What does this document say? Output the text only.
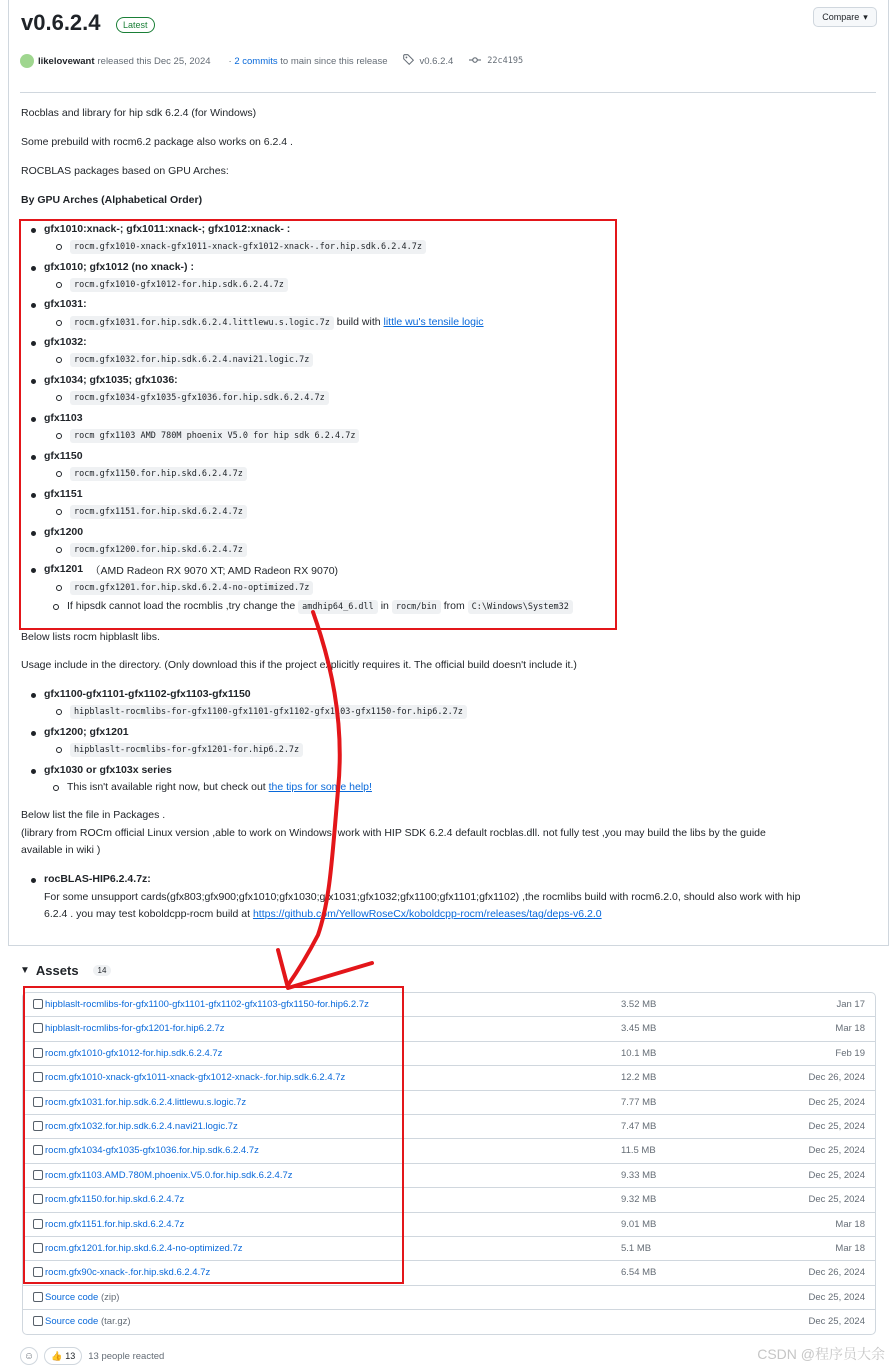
v0.6.2.4	Latest
Compare ▾
likelovewant released this Dec 25, 2024 · 2 commits
to main since this release	v0.6.2.4	22c4195
Rocblas and library for hip sdk 6.2.4 (for Windows)
Some prebuild with rocm6.2 package also works on 6.2.4 .
ROCBLAS packages based on GPU Arches:
By GPU Arches (Alphabetical Order)
gfx1010:xnack-; gfx1011:xnack-; gfx1012:xnack- :
rocm.gfx1010-xnack-gfx1011-xnack-gfx1012-xnack-.for.hip.sdk.6.2.4.7z
gfx1010; gfx1012 (no xnack-) :
rocm.gfx1010-gfx1012-for.hip.sdk.6.2.4.7z
gfx1031:
rocm.gfx1031.for.hip.sdk.6.2.4.littlewu.s.logic.7z build with little wu's tensile logic
gfx1032:
rocm.gfx1032.for.hip.sdk.6.2.4.navi21.logic.7z
gfx1034; gfx1035; gfx1036:
rocm.gfx1034-gfx1035-gfx1036.for.hip.sdk.6.2.4.7z
gfx1103
rocm gfx1103 AMD 780M phoenix V5.0 for hip sdk 6.2.4.7z
gfx1150
rocm.gfx1150.for.hip.skd.6.2.4.7z
gfx1151
rocm.gfx1151.for.hip.skd.6.2.4.7z
gfx1200
rocm.gfx1200.for.hip.skd.6.2.4.7z
gfx1201 （AMD Radeon RX 9070 XT; AMD Radeon RX 9070)
rocm.gfx1201.for.hip.skd.6.2.4-no-optimized.7z
If hipsdk cannot load the rocmblis ,try change the amdhip64_6.dll in rocm/bin from C:\Windows\System32
Below lists rocm hipblaslt libs.
Usage include in the directory. (Only download this if the project explicitly requires it. The official build doesn't include it.)
gfx1100-gfx1101-gfx1102-gfx1103-gfx1150
hipblaslt-rocmlibs-for-gfx1100-gfx1101-gfx1102-gfx1103-gfx1150-for.hip6.2.7z
gfx1200; gfx1201
hipblaslt-rocmlibs-for-gfx1201-for.hip6.2.7z
gfx1030 or gfx103x series
This isn't available right now, but check out the tips for some help!
Below list the file in Packages .
(library from ROCm official Linux version ,able to work on Windows. work with HIP SDK 6.2.4 default rocblas.dll. not fully test ,you may build the libs by the guide
available in wiki )
rocBLAS-HIP6.2.4.7z:
For some unsupport cards(gfx803;gfx900;gfx1010;gfx1030;gfx1031;gfx1032;gfx1100;gfx1101;gfx1102) ,the rocmlibs build with rocm6.2.0, should also work with hip
6.2.4 . you may test koboldcpp-rocm build at https://github.com/YellowRoseCx/koboldcpp-rocm/releases/tag/deps-v6.2.0
▼ Assets	14
hipblaslt-rocmlibs-for-gfx1100-gfx1101-gfx1102-gfx1103-gfx1150-for.hip6.2.7z	3.52 MB	Jan 17
hipblaslt-rocmlibs-for-gfx1201-for.hip6.2.7z	3.45 MB	Mar 18
rocm.gfx1010-gfx1012-for.hip.sdk.6.2.4.7z	10.1 MB	Feb 19
rocm.gfx1010-xnack-gfx1011-xnack-gfx1012-xnack-.for.hip.sdk.6.2.4.7z	12.2 MB	Dec 26, 2024
rocm.gfx1031.for.hip.sdk.6.2.4.littlewu.s.logic.7z	7.77 MB	Dec 25, 2024
rocm.gfx1032.for.hip.sdk.6.2.4.navi21.logic.7z	7.47 MB	Dec 25, 2024
rocm.gfx1034-gfx1035-gfx1036.for.hip.sdk.6.2.4.7z	11.5 MB	Dec 25, 2024
rocm.gfx1103.AMD.780M.phoenix.V5.0.for.hip.sdk.6.2.4.7z	9.33 MB	Dec 25, 2024
rocm.gfx1150.for.hip.skd.6.2.4.7z	9.32 MB	Dec 25, 2024
rocm.gfx1151.for.hip.skd.6.2.4.7z	9.01 MB	Mar 18
rocm.gfx1201.for.hip.skd.6.2.4-no-optimized.7z	5.1 MB	Mar 18
rocm.gfx90c-xnack-.for.hip.skd.6.2.4.7z	6.54 MB	Dec 26, 2024
Source code (zip)	Dec 25, 2024
Source code (tar.gz)	Dec 25, 2024
☺	👍 13 13 people reacted	CSDN @程序员大余
